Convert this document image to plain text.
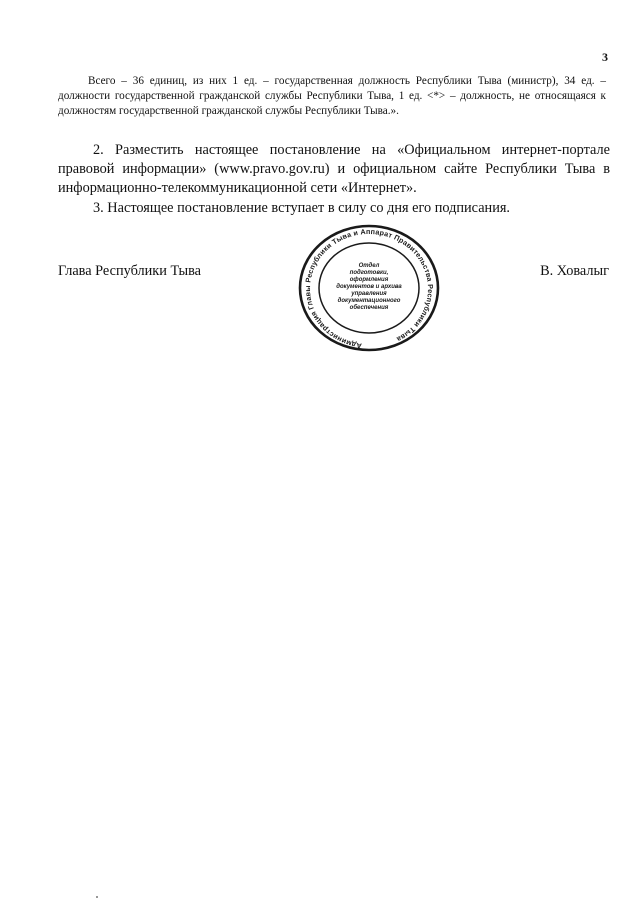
3

Всего – 36 единиц, из них 1 ед. – государственная должность Республики Тыва (министр), 34 ед. – должности государственной гражданской службы Республики Тыва, 1 ед. <*> – должность, не относящаяся к должностям государственной гражданской службы Республики Тыва.».

2. Разместить настоящее постановление на «Официальном интернет-портале правовой информации» (www.pravo.gov.ru) и официальном сайте Республики Тыва в информационно-телекоммуникационной сети «Интернет».

3. Настоящее постановление вступает в силу со дня его подписания.

Глава Республики Тыва	В. Ховалыг
Администрация Главы Республики Тыва и Аппарат Правительства Республики Тыва
Отдел
подготовки,
оформления
документов и архива
управления
документационного
обеспечения
